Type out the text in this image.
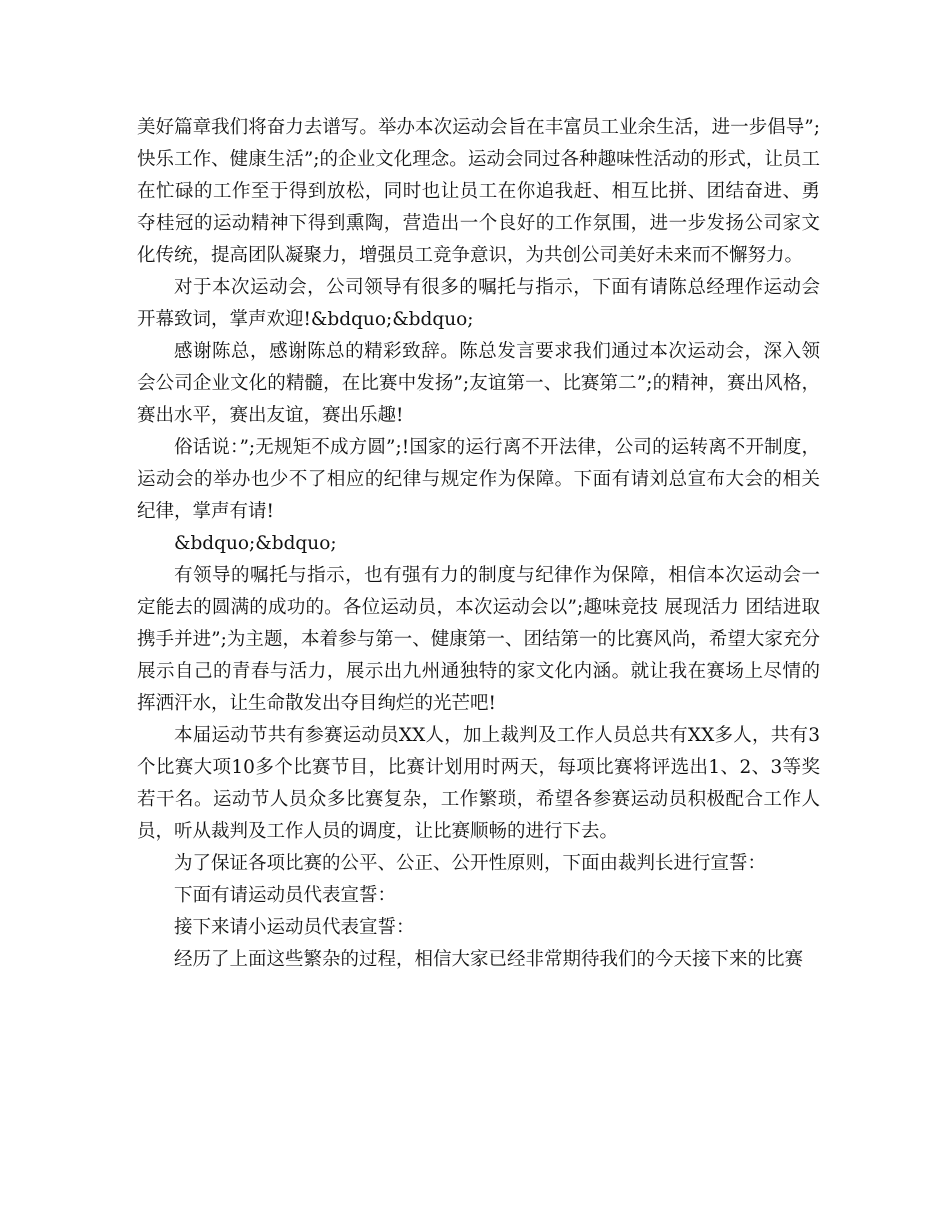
美好篇章我们将奋力去谱写。举办本次运动会旨在丰富员工业余生活，进一步倡导”;快乐工作、健康生活”;的企业文化理念。运动会同过各种趣味性活动的形式，让员工在忙碌的工作至于得到放松，同时也让员工在你追我赶、相互比拼、团结奋进、勇夺桂冠的运动精神下得到熏陶，营造出一个良好的工作氛围，进一步发扬公司家文化传统，提高团队凝聚力，增强员工竞争意识，为共创公司美好未来而不懈努力。

对于本次运动会，公司领导有很多的嘱托与指示，下面有请陈总经理作运动会开幕致词，掌声欢迎!&bdquo;&bdquo;

感谢陈总，感谢陈总的精彩致辞。陈总发言要求我们通过本次运动会，深入领会公司企业文化的精髓，在比赛中发扬”;友谊第一、比赛第二”;的精神，赛出风格，赛出水平，赛出友谊，赛出乐趣!

俗话说：”;无规矩不成方圆”;!国家的运行离不开法律，公司的运转离不开制度，运动会的举办也少不了相应的纪律与规定作为保障。下面有请刘总宣布大会的相关纪律，掌声有请!

&bdquo;&bdquo;

有领导的嘱托与指示，也有强有力的制度与纪律作为保障，相信本次运动会一定能去的圆满的成功的。各位运动员，本次运动会以”;趣味竞技 展现活力 团结进取 携手并进”;为主题，本着参与第一、健康第一、团结第一的比赛风尚，希望大家充分展示自己的青春与活力，展示出九州通独特的家文化内涵。就让我在赛场上尽情的挥洒汗水，让生命散发出夺目绚烂的光芒吧!

本届运动节共有参赛运动员XX人，加上裁判及工作人员总共有XX多人，共有3个比赛大项10多个比赛节目，比赛计划用时两天，每项比赛将评选出1、2、3等奖若干名。运动节人员众多比赛复杂，工作繁琐，希望各参赛运动员积极配合工作人员，听从裁判及工作人员的调度，让比赛顺畅的进行下去。

为了保证各项比赛的公平、公正、公开性原则，下面由裁判长进行宣誓：

下面有请运动员代表宣誓：

接下来请小运动员代表宣誓：

经历了上面这些繁杂的过程，相信大家已经非常期待我们的今天接下来的比赛
